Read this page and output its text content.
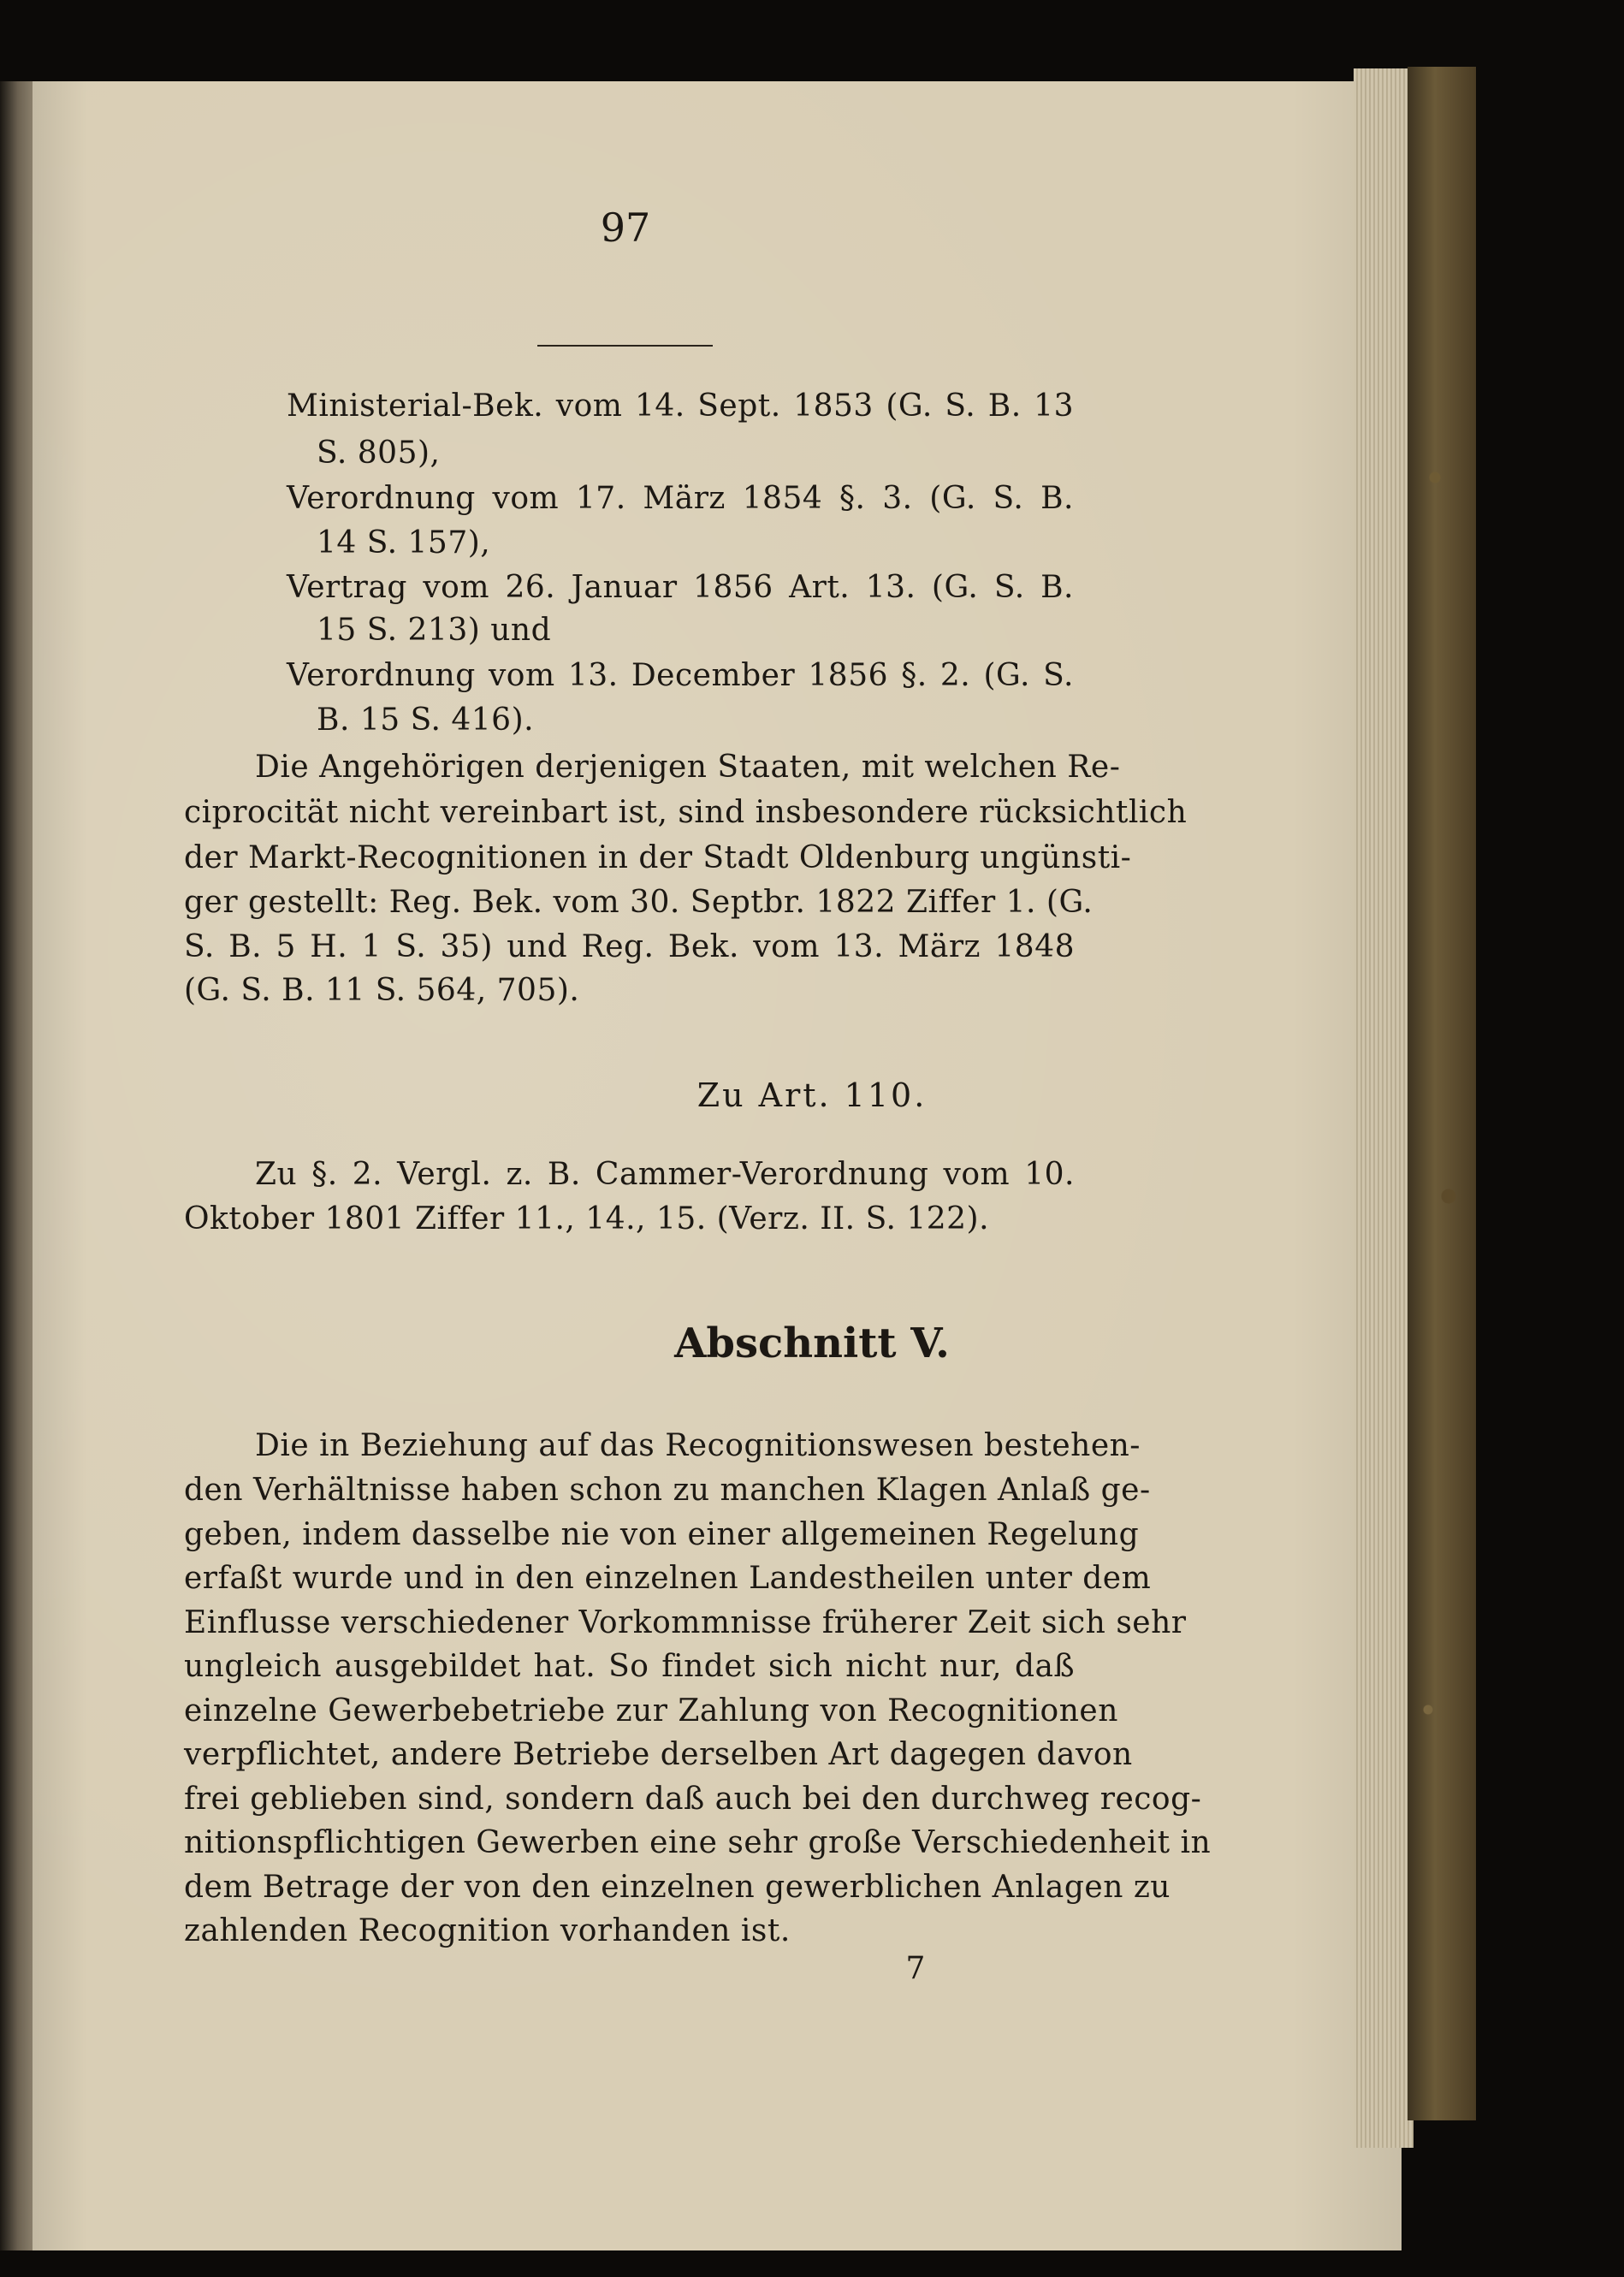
97
Ministerial-Bek. vom 14. Sept. 1853 (G. S. B. 13
S. 805),
Verordnung vom 17. März 1854 §. 3. (G. S. B.
14 S. 157),
Vertrag vom 26. Januar 1856 Art. 13. (G. S. B.
15 S. 213) und
Verordnung vom 13. December 1856 §. 2. (G. S.
B. 15 S. 416).
Die Angehörigen derjenigen Staaten, mit welchen Re-
ciprocität nicht vereinbart ist, sind insbesondere rücksichtlich
der Markt-Recognitionen in der Stadt Oldenburg ungünsti-
ger gestellt: Reg. Bek. vom 30. Septbr. 1822 Ziffer 1. (G.
S. B. 5 H. 1 S. 35) und Reg. Bek. vom 13. März 1848
(G. S. B. 11 S. 564, 705).
Zu Art. 110.
Zu §. 2. Vergl. z. B. Cammer-Verordnung vom 10.
Oktober 1801 Ziffer 11., 14., 15. (Verz. II. S. 122).
Abschnitt V.
Die in Beziehung auf das Recognitionswesen bestehen-
den Verhältnisse haben schon zu manchen Klagen Anlaß ge-
geben, indem dasselbe nie von einer allgemeinen Regelung
erfaßt wurde und in den einzelnen Landestheilen unter dem
Einflusse verschiedener Vorkommnisse früherer Zeit sich sehr
ungleich ausgebildet hat. So findet sich nicht nur, daß
einzelne Gewerbebetriebe zur Zahlung von Recognitionen
verpflichtet, andere Betriebe derselben Art dagegen davon
frei geblieben sind, sondern daß auch bei den durchweg recog-
nitionspflichtigen Gewerben eine sehr große Verschiedenheit in
dem Betrage der von den einzelnen gewerblichen Anlagen zu
zahlenden Recognition vorhanden ist.
7
